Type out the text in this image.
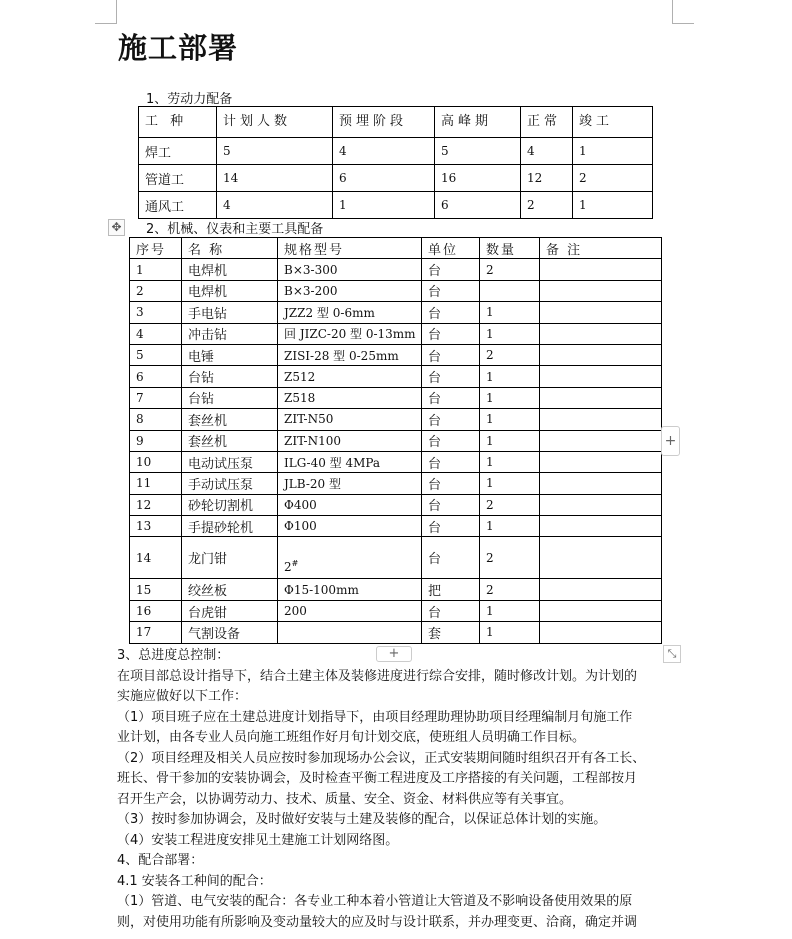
施工部署
1、劳动力配备
工 种	计划人数	预埋阶段	高峰期	正常	竣工
焊工	5	4	5	4	1
管道工	14	6	16	12	2
通风工	4	1	6	2	1
✥ 2、机械、仪表和主要工具配备
序号	名 称	规格型号	单位	数量	备 注
1	电焊机	B×3-300	台	2	
2	电焊机	B×3-200	台		
3	手电钻	JZZ2 型 0-6mm	台	1	
4	冲击钻	回 JIZC-20 型 0-13mm	台	1	
5	电锤	ZISI-28 型 0-25mm	台	2	
6	台钻	Z512	台	1	
7	台钻	Z518	台	1	
8	套丝机	ZIT-N50	台	1	
9	套丝机	ZIT-N100	台	1	
10	电动试压泵	ILG-40 型 4MPa	台	1	
11	手动试压泵	JLB-20 型	台	1	
12	砂轮切割机	Φ400	台	2	
13	手提砂轮机	Φ100	台	1	
14	龙门钳	2#	台	2	
15	绞丝板	Φ15-100mm	把	2	
16	台虎钳	200	台	1	
17	气割设备		套	1	
+
+	⤡

3、总进度总控制：

在项目部总设计指导下，结合土建主体及装修进度进行综合安排，随时修改计划。为计划的

实施应做好以下工作：

（1）项目班子应在土建总进度计划指导下，由项目经理助理协助项目经理编制月旬施工作

业计划，由各专业人员向施工班组作好月旬计划交底，使班组人员明确工作目标。

（2）项目经理及相关人员应按时参加现场办公会议，正式安装期间随时组织召开有各工长、

班长、骨干参加的安装协调会，及时检查平衡工程进度及工序搭接的有关问题，工程部按月

召开生产会，以协调劳动力、技术、质量、安全、资金、材料供应等有关事宜。

（3）按时参加协调会，及时做好安装与土建及装修的配合，以保证总体计划的实施。

（4）安装工程进度安排见土建施工计划网络图。

4、配合部署：

4.1 安装各工种间的配合：

（1）管道、电气安装的配合：各专业工种本着小管道让大管道及不影响设备使用效果的原

则，对使用功能有所影响及变动量较大的应及时与设计联系，并办理变更、洽商，确定并调
